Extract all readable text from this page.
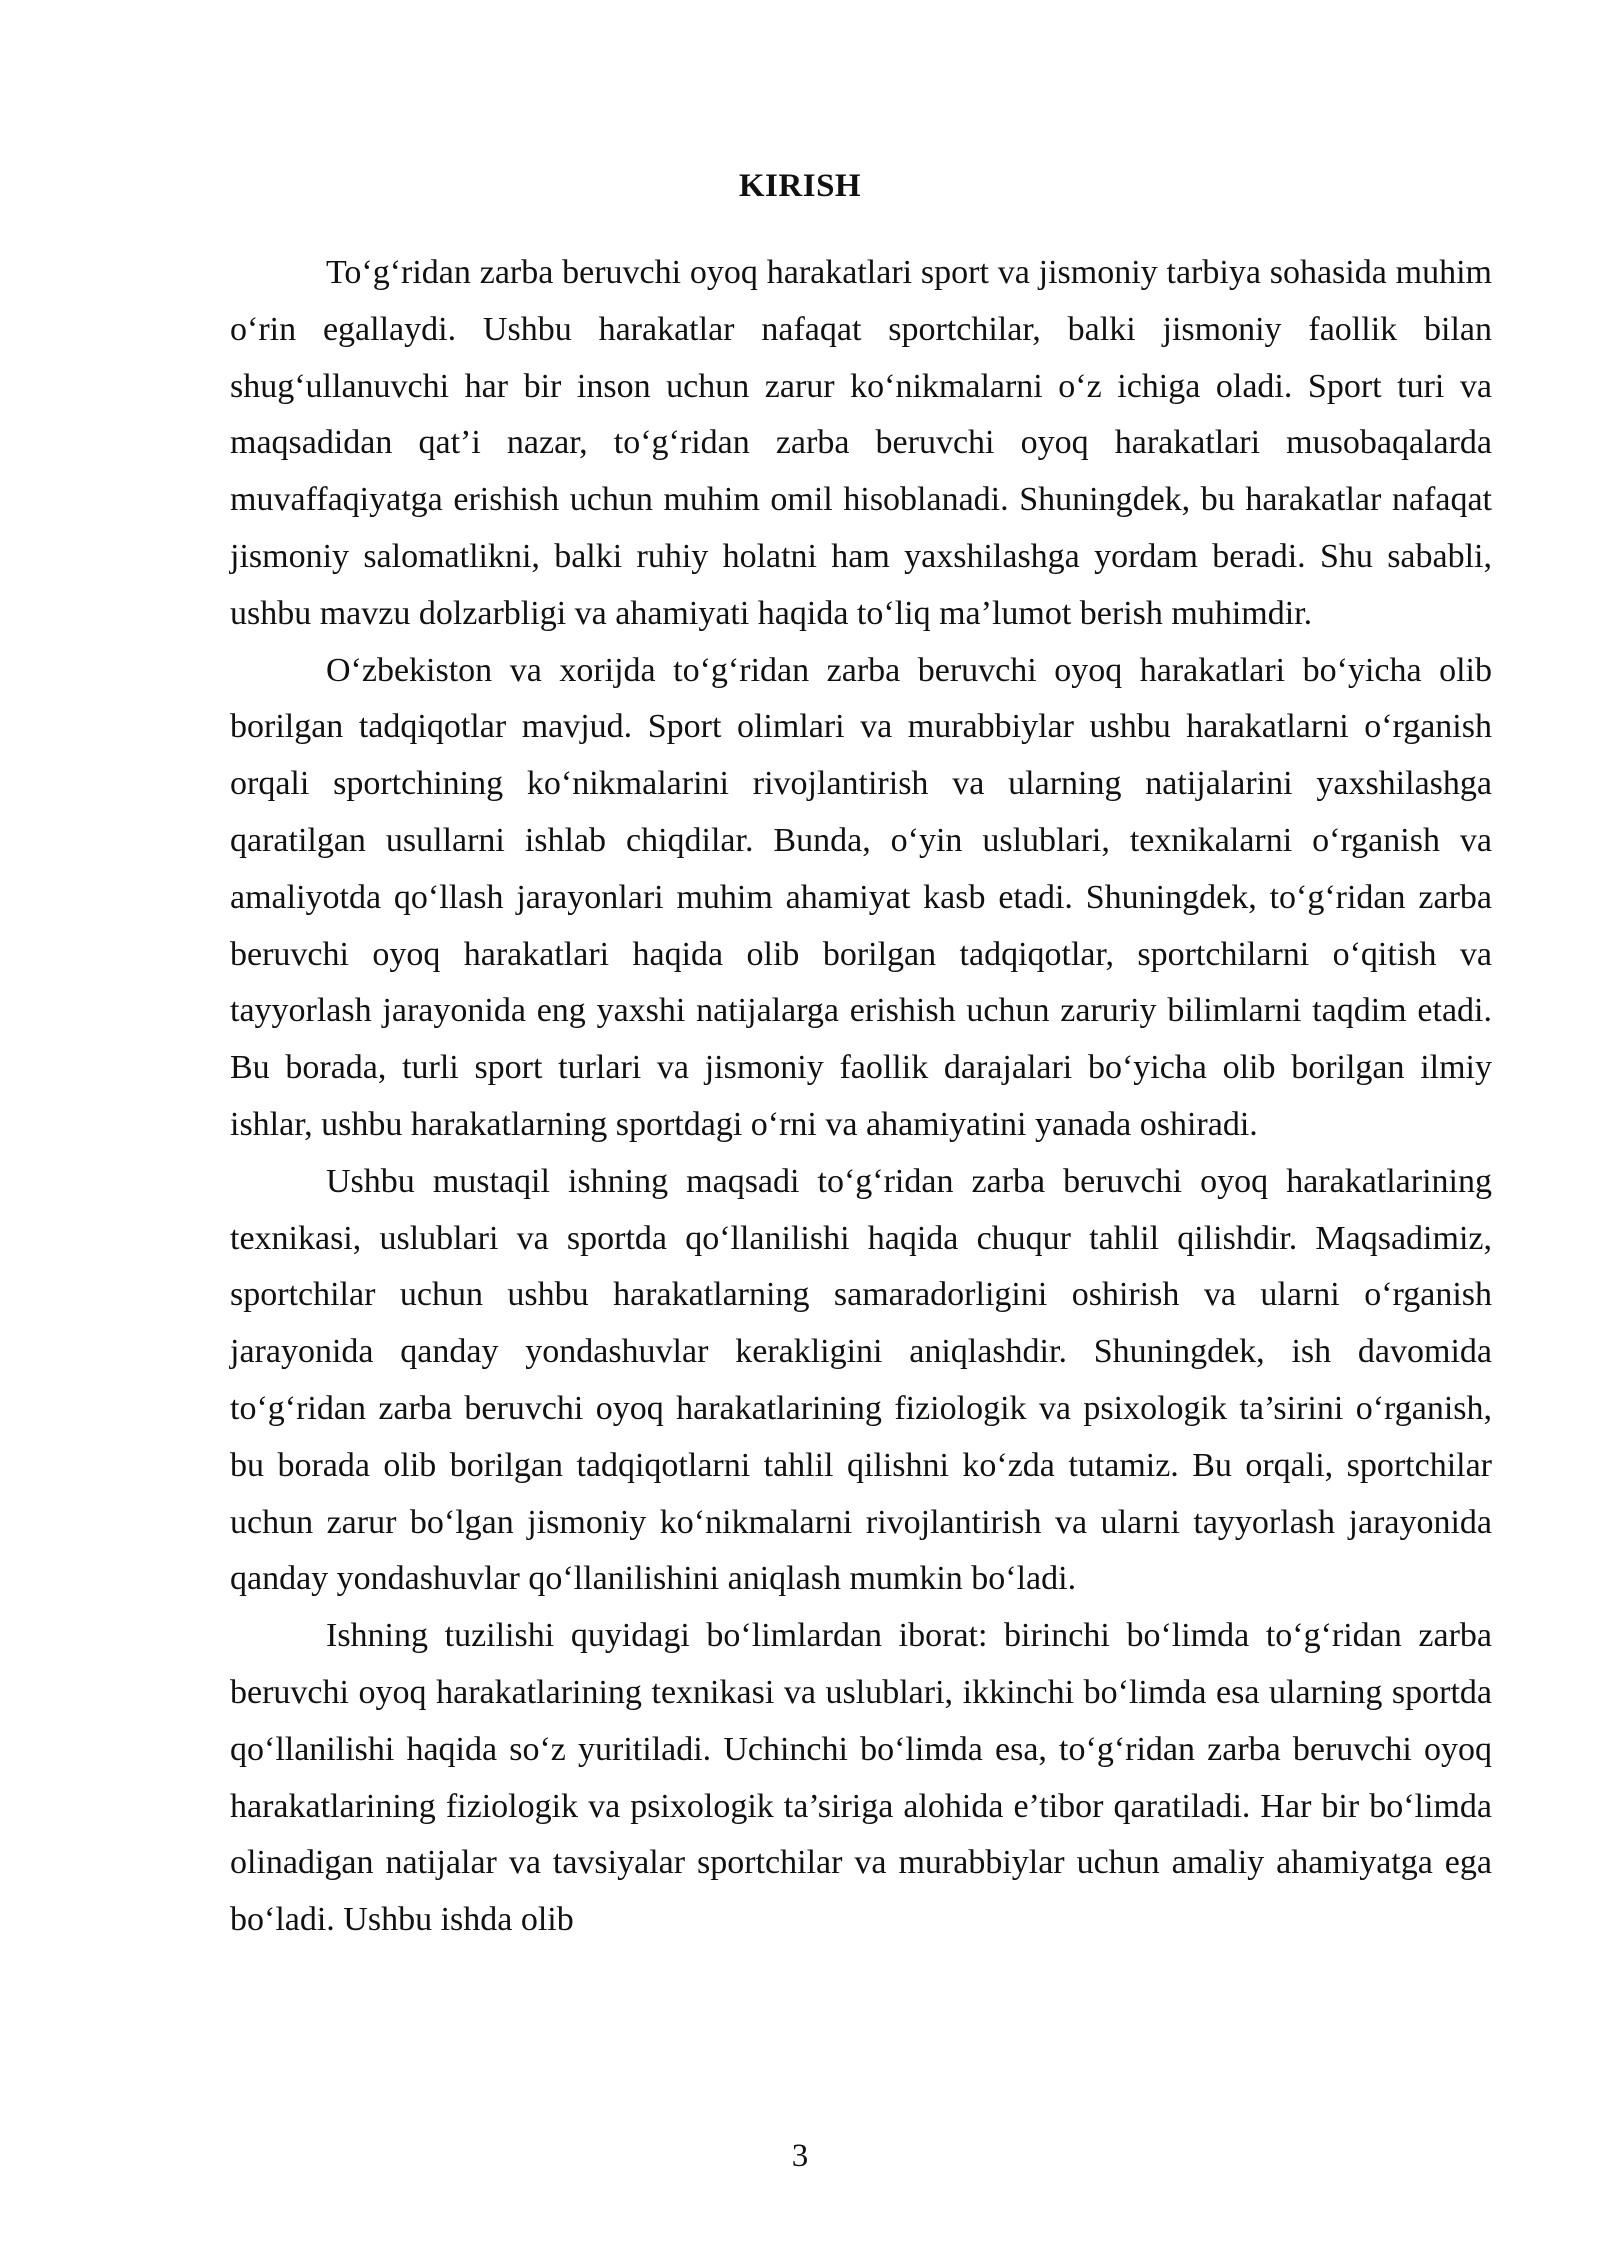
KIRISH

To‘g‘ridan zarba beruvchi oyoq harakatlari sport va jismoniy tarbiya sohasida muhim o‘rin egallaydi. Ushbu harakatlar nafaqat sportchilar, balki jismoniy faollik bilan shug‘ullanuvchi har bir inson uchun zarur ko‘nikmalarni o‘z ichiga oladi. Sport turi va maqsadidan qat’i nazar, to‘g‘ridan zarba beruvchi oyoq harakatlari musobaqalarda muvaffaqiyatga erishish uchun muhim omil hisoblanadi. Shuningdek, bu harakatlar nafaqat jismoniy salomatlikni, balki ruhiy holatni ham yaxshilashga yordam beradi. Shu sababli, ushbu mavzu dolzarbligi va ahamiyati haqida to‘liq ma’lumot berish muhimdir.

O‘zbekiston va xorijda to‘g‘ridan zarba beruvchi oyoq harakatlari bo‘yicha olib borilgan tadqiqotlar mavjud. Sport olimlari va murabbiylar ushbu harakatlarni o‘rganish orqali sportchining ko‘nikmalarini rivojlantirish va ularning natijalarini yaxshilashga qaratilgan usullarni ishlab chiqdilar. Bunda, o‘yin uslublari, texnikalarni o‘rganish va amaliyotda qo‘llash jarayonlari muhim ahamiyat kasb etadi. Shuningdek, to‘g‘ridan zarba beruvchi oyoq harakatlari haqida olib borilgan tadqiqotlar, sportchilarni o‘qitish va tayyorlash jarayonida eng yaxshi natijalarga erishish uchun zaruriy bilimlarni taqdim etadi. Bu borada, turli sport turlari va jismoniy faollik darajalari bo‘yicha olib borilgan ilmiy ishlar, ushbu harakatlarning sportdagi o‘rni va ahamiyatini yanada oshiradi.

Ushbu mustaqil ishning maqsadi to‘g‘ridan zarba beruvchi oyoq harakatlarining texnikasi, uslublari va sportda qo‘llanilishi haqida chuqur tahlil qilishdir. Maqsadimiz, sportchilar uchun ushbu harakatlarning samaradorligini oshirish va ularni o‘rganish jarayonida qanday yondashuvlar kerakligini aniqlashdir. Shuningdek, ish davomida to‘g‘ridan zarba beruvchi oyoq harakatlarining fiziologik va psixologik ta’sirini o‘rganish, bu borada olib borilgan tadqiqotlarni tahlil qilishni ko‘zda tutamiz. Bu orqali, sportchilar uchun zarur bo‘lgan jismoniy ko‘nikmalarni rivojlantirish va ularni tayyorlash jarayonida qanday yondashuvlar qo‘llanilishini aniqlash mumkin bo‘ladi.

Ishning tuzilishi quyidagi bo‘limlardan iborat: birinchi bo‘limda to‘g‘ridan zarba beruvchi oyoq harakatlarining texnikasi va uslublari, ikkinchi bo‘limda esa ularning sportda qo‘llanilishi haqida so‘z yuritiladi. Uchinchi bo‘limda esa, to‘g‘ridan zarba beruvchi oyoq harakatlarining fiziologik va psixologik ta’siriga alohida e’tibor qaratiladi. Har bir bo‘limda olinadigan natijalar va tavsiyalar sportchilar va murabbiylar uchun amaliy ahamiyatga ega bo‘ladi. Ushbu ishda olib

3
